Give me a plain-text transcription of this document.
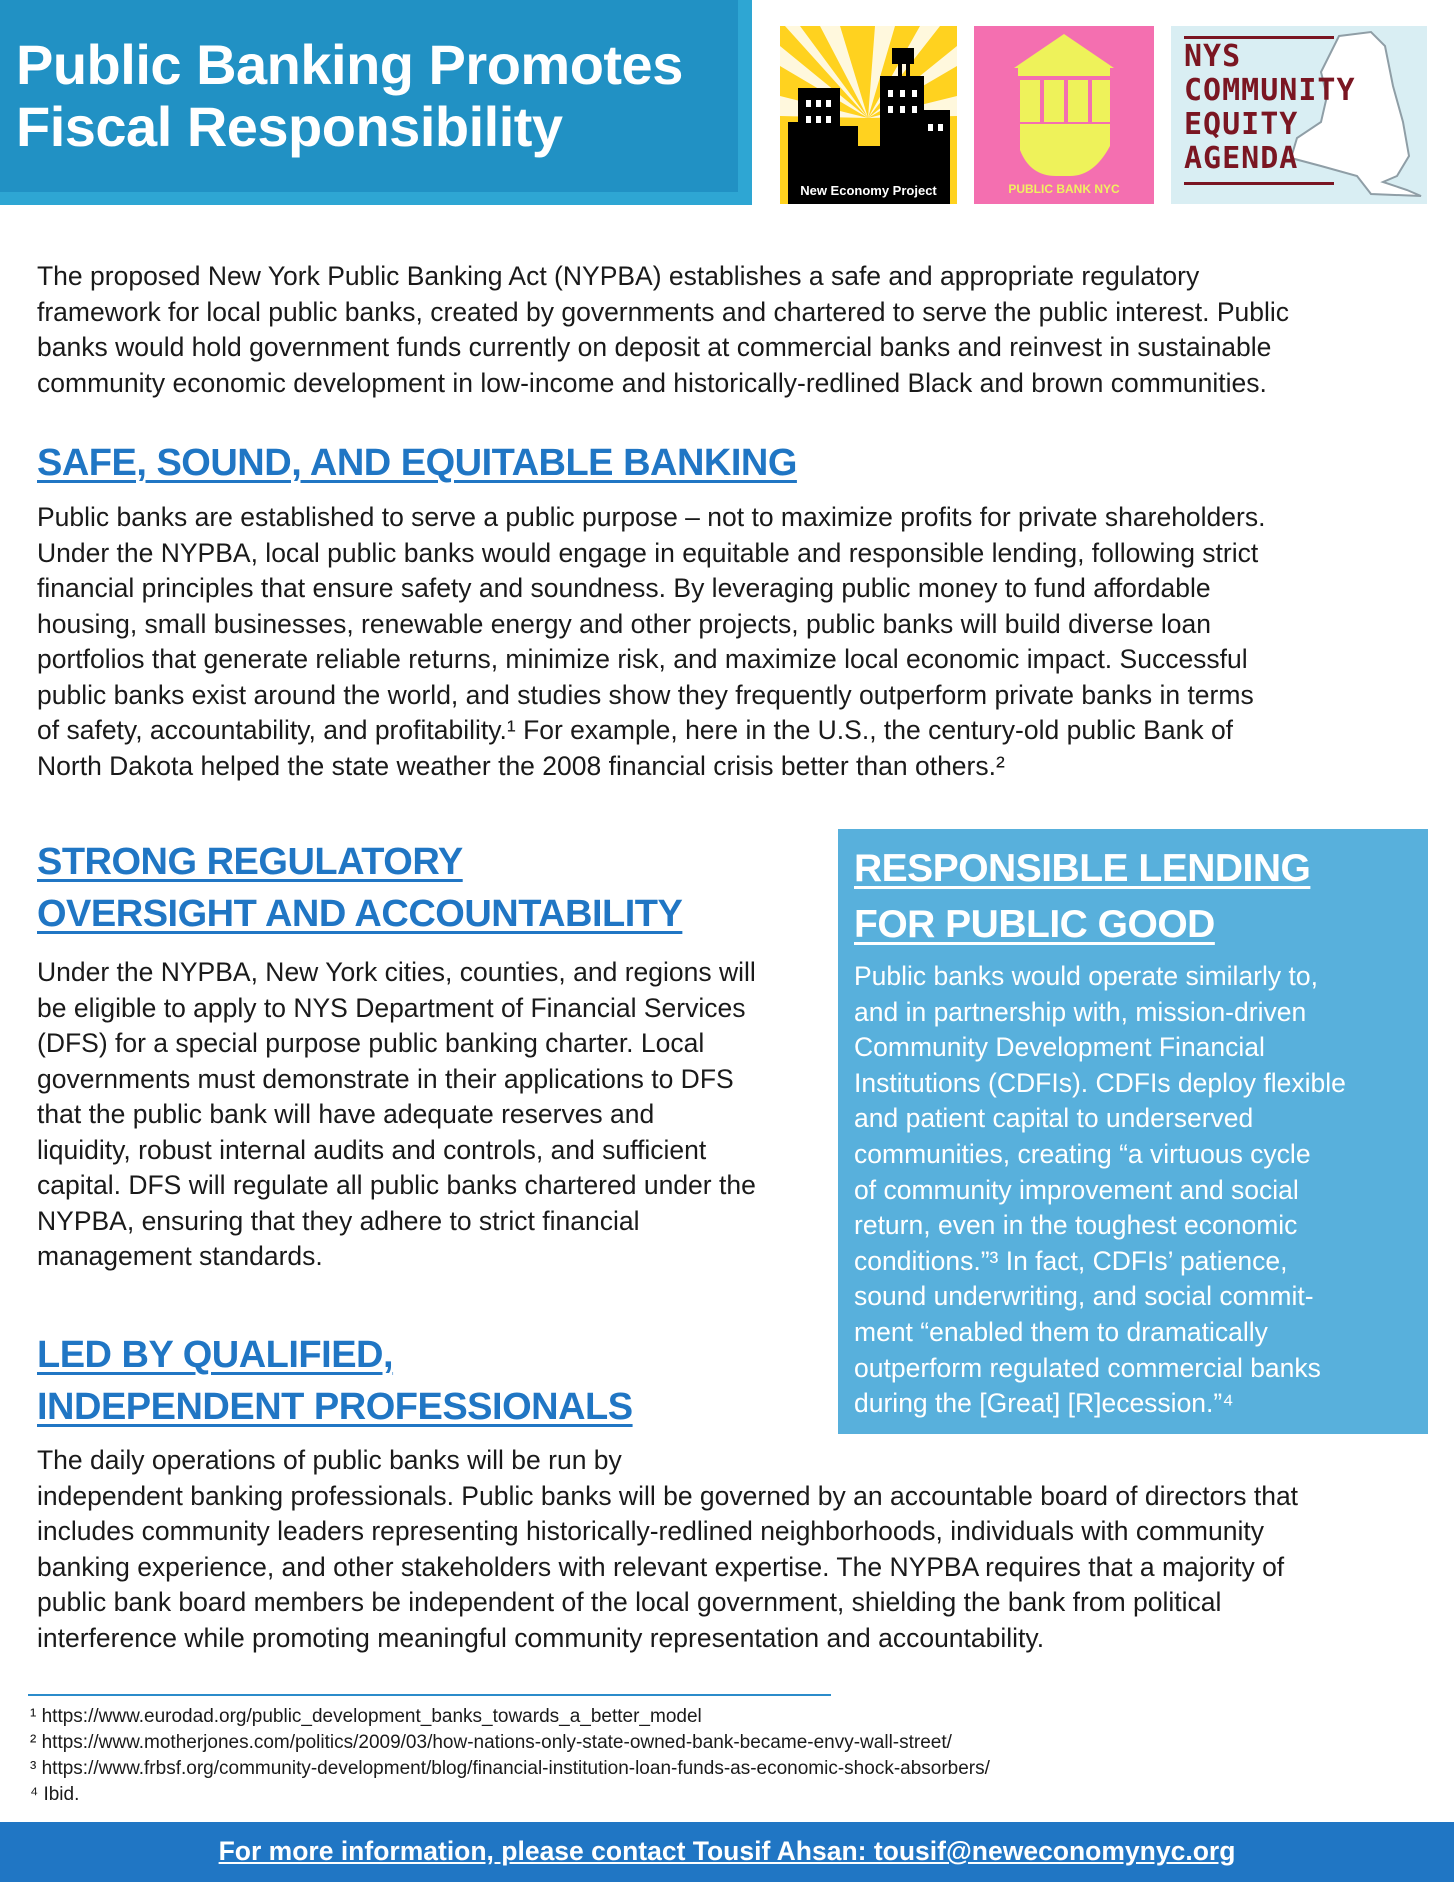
Public Banking Promotes
Fiscal Responsibility
New Economy Project	PUBLIC BANK NYC
NYS
COMMUNITY
EQUITY
AGENDA

The proposed New York Public Banking Act (NYPBA) establishes a safe and appropriate regulatory
framework for local public banks, created by governments and chartered to serve the public interest. Public
banks would hold government funds currently on deposit at commercial banks and reinvest in sustainable
community economic development in low-income and historically-redlined Black and brown communities.

SAFE, SOUND, AND EQUITABLE BANKING

Public banks are established to serve a public purpose – not to maximize profits for private shareholders.
Under the NYPBA, local public banks would engage in equitable and responsible lending, following strict
financial principles that ensure safety and soundness. By leveraging public money to fund affordable
housing, small businesses, renewable energy and other projects, public banks will build diverse loan
portfolios that generate reliable returns, minimize risk, and maximize local economic impact. Successful
public banks exist around the world, and studies show they frequently outperform private banks in terms
of safety, accountability, and profitability.¹ For example, here in the U.S., the century-old public Bank of
North Dakota helped the state weather the 2008 financial crisis better than others.²

STRONG REGULATORY
OVERSIGHT AND ACCOUNTABILITY

Under the NYPBA, New York cities, counties, and regions will
be eligible to apply to NYS Department of Financial Services
(DFS) for a special purpose public banking charter. Local
governments must demonstrate in their applications to DFS
that the public bank will have adequate reserves and
liquidity, robust internal audits and controls, and sufficient
capital. DFS will regulate all public banks chartered under the
NYPBA, ensuring that they adhere to strict financial
management standards.

RESPONSIBLE LENDING
FOR PUBLIC GOOD

Public banks would operate similarly to,
and in partnership with, mission-driven
Community Development Financial
Institutions (CDFIs). CDFIs deploy flexible
and patient capital to underserved
communities, creating “a virtuous cycle
of community improvement and social
return, even in the toughest economic
conditions.”³ In fact, CDFIs’ patience,
sound underwriting, and social commit-
ment “enabled them to dramatically
outperform regulated commercial banks
during the [Great] [R]ecession.”⁴

LED BY QUALIFIED,
INDEPENDENT PROFESSIONALS

The daily operations of public banks will be run by
independent banking professionals. Public banks will be governed by an accountable board of directors that
includes community leaders representing historically-redlined neighborhoods, individuals with community
banking experience, and other stakeholders with relevant expertise. The NYPBA requires that a majority of
public bank board members be independent of the local government, shielding the bank from political
interference while promoting meaningful community representation and accountability.

¹ https://www.eurodad.org/public_development_banks_towards_a_better_model
² https://www.motherjones.com/politics/2009/03/how-nations-only-state-owned-bank-became-envy-wall-street/
³ https://www.frbsf.org/community-development/blog/financial-institution-loan-funds-as-economic-shock-absorbers/
⁴ Ibid.
For more information, please contact Tousif Ahsan: tousif@neweconomynyc.org
